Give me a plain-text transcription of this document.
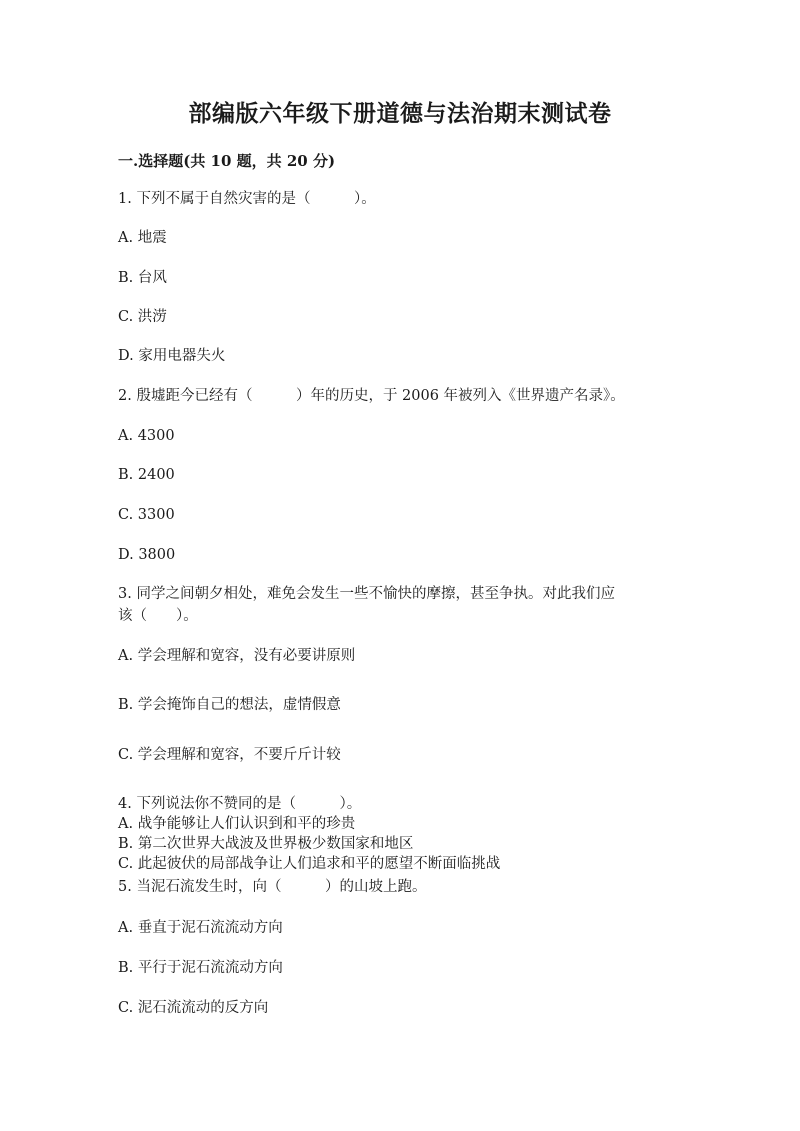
部编版六年级下册道德与法治期末测试卷
一.选择题(共 10 题，共 20 分)
1. 下列不属于自然灾害的是（　　　）。
A. 地震
B. 台风
C. 洪涝
D. 家用电器失火
2. 殷墟距今已经有（　　　）年的历史，于 2006 年被列入《世界遗产名录》。
A. 4300
B. 2400
C. 3300
D. 3800
3. 同学之间朝夕相处，难免会发生一些不愉快的摩擦，甚至争执。对此我们应
该（　　）。
A. 学会理解和宽容，没有必要讲原则
B. 学会掩饰自己的想法，虚情假意
C. 学会理解和宽容，不要斤斤计较
4. 下列说法你不赞同的是（　　　）。
A. 战争能够让人们认识到和平的珍贵
B. 第二次世界大战波及世界极少数国家和地区
C. 此起彼伏的局部战争让人们追求和平的愿望不断面临挑战
5. 当泥石流发生时，向（　　　）的山坡上跑。
A. 垂直于泥石流流动方向
B. 平行于泥石流流动方向
C. 泥石流流动的反方向
